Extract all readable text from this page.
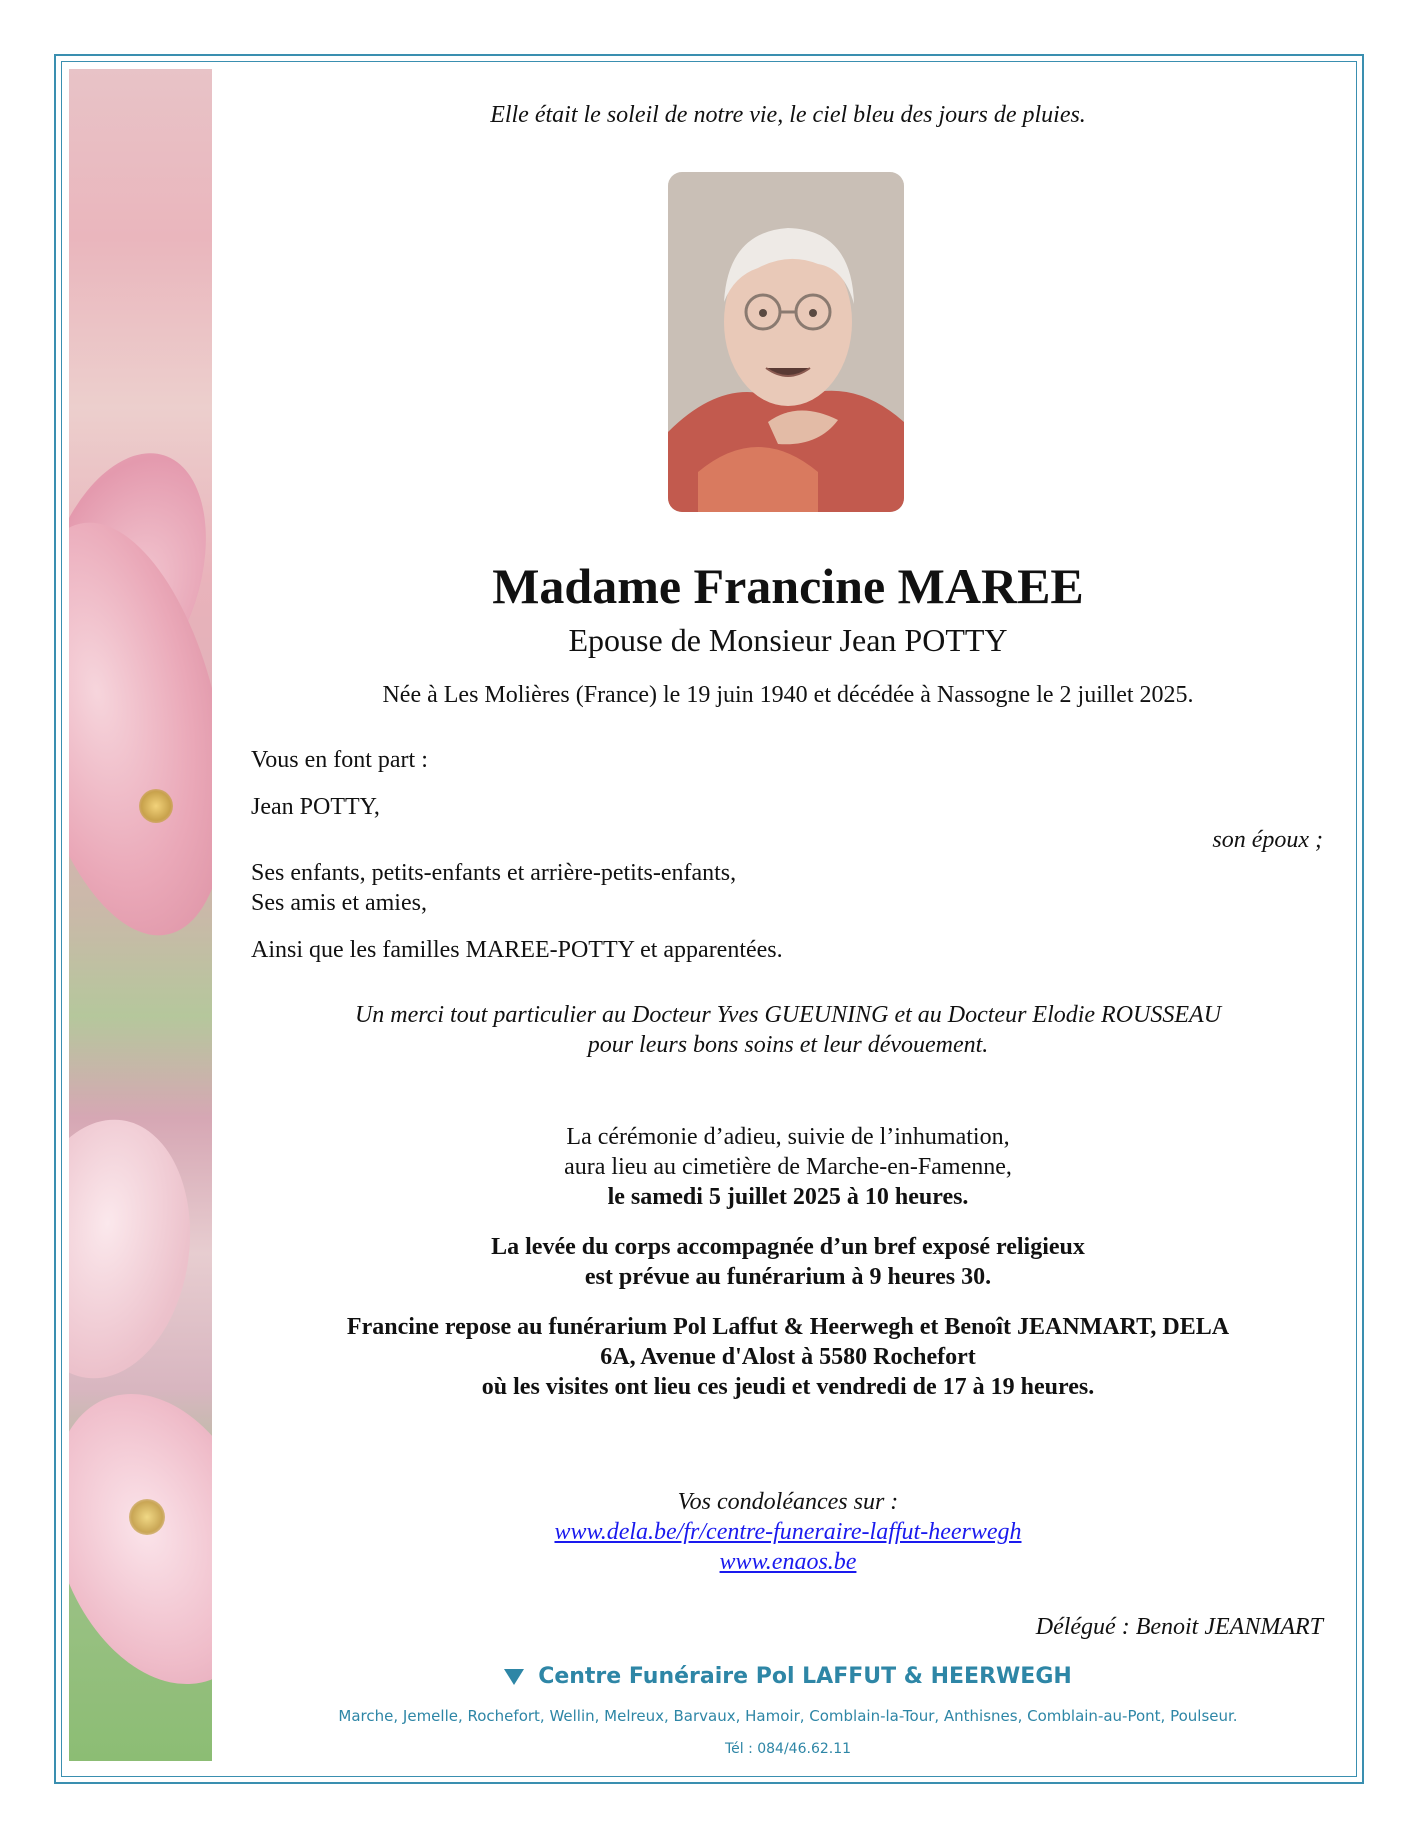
Elle était le soleil de notre vie, le ciel bleu des jours de pluies.
Madame Francine MAREE
Epouse de Monsieur Jean POTTY
Née à Les Molières (France) le 19 juin 1940 et décédée à Nassogne le 2 juillet 2025.
Vous en font part :
Jean POTTY,
son époux ;
Ses enfants, petits-enfants et arrière-petits-enfants,
Ses amis et amies,
Ainsi que les familles MAREE-POTTY et apparentées.
Un merci tout particulier au Docteur Yves GUEUNING et au Docteur Elodie ROUSSEAU
pour leurs bons soins et leur dévouement.
La cérémonie d’adieu, suivie de l’inhumation,
aura lieu au cimetière de Marche-en-Famenne,
le samedi 5 juillet 2025 à 10 heures.
La levée du corps accompagnée d’un bref exposé religieux
est prévue au funérarium à 9 heures 30.
Francine repose au funérarium Pol Laffut & Heerwegh et Benoît JEANMART, DELA
6A, Avenue d'Alost à 5580 Rochefort
où les visites ont lieu ces jeudi et vendredi de 17 à 19 heures.
Vos condoléances sur :
www.dela.be/fr/centre-funeraire-laffut-heerwegh
www.enaos.be
Délégué : Benoit JEANMART
Centre Funéraire Pol LAFFUT & HEERWEGH
Marche, Jemelle, Rochefort, Wellin, Melreux, Barvaux, Hamoir, Comblain-la-Tour, Anthisnes, Comblain-au-Pont, Poulseur.
Tél : 084/46.62.11
